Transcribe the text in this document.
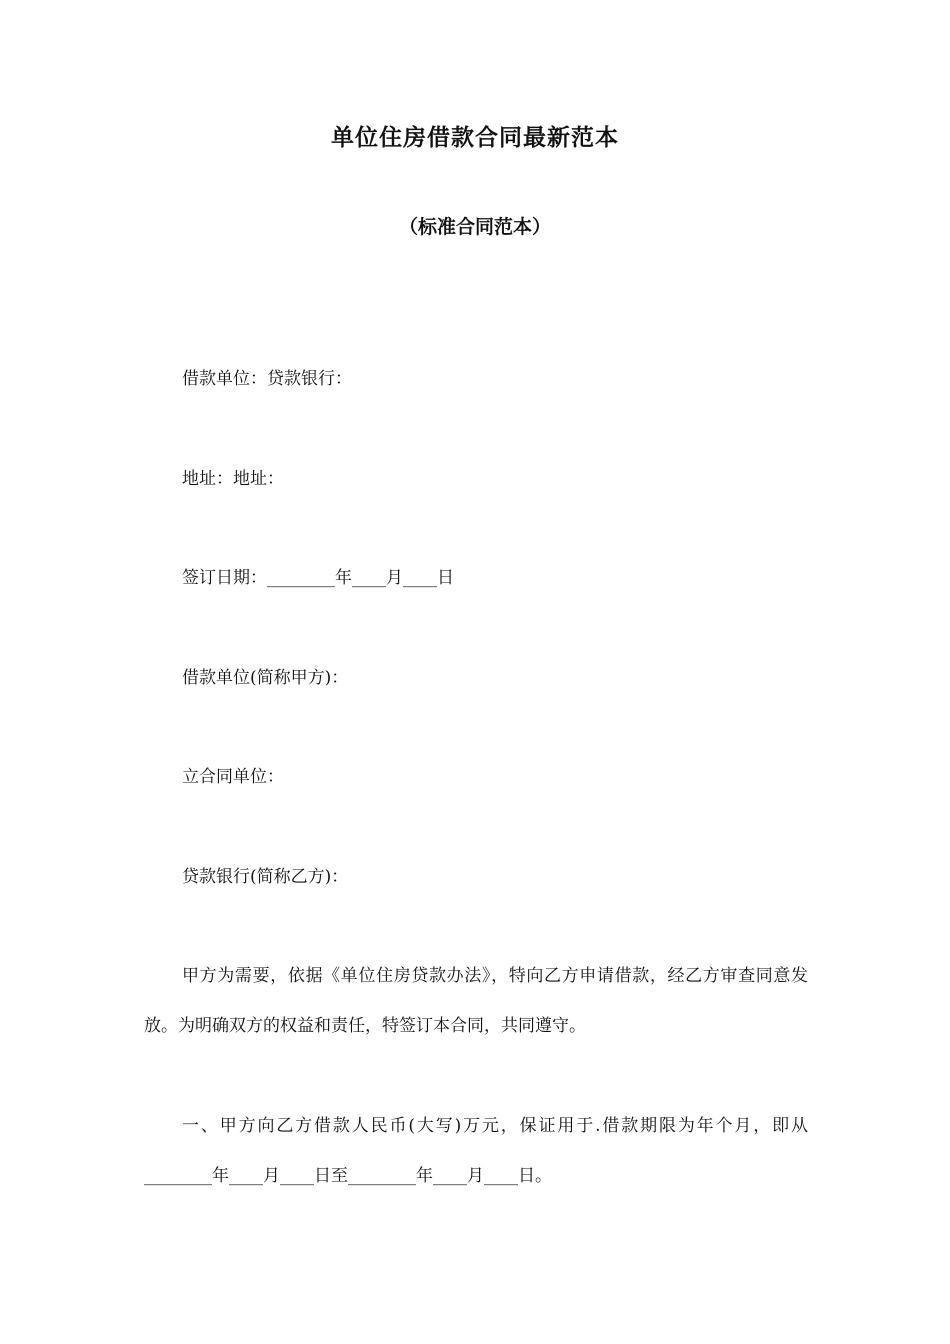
单位住房借款合同最新范本
（标准合同范本）
借款单位：贷款银行：
地址：地址：
签订日期：________年____月____日
借款单位(简称甲方)：
立合同单位：
贷款银行(简称乙方)：
甲方为需要，依据《单位住房贷款办法》，特向乙方申请借款，经乙方审查同意发放。为明确双方的权益和责任，特签订本合同，共同遵守。
一、甲方向乙方借款人民币(大写)万元，保证用于.借款期限为年个月，即从________年____月____日至________年____月____日。
